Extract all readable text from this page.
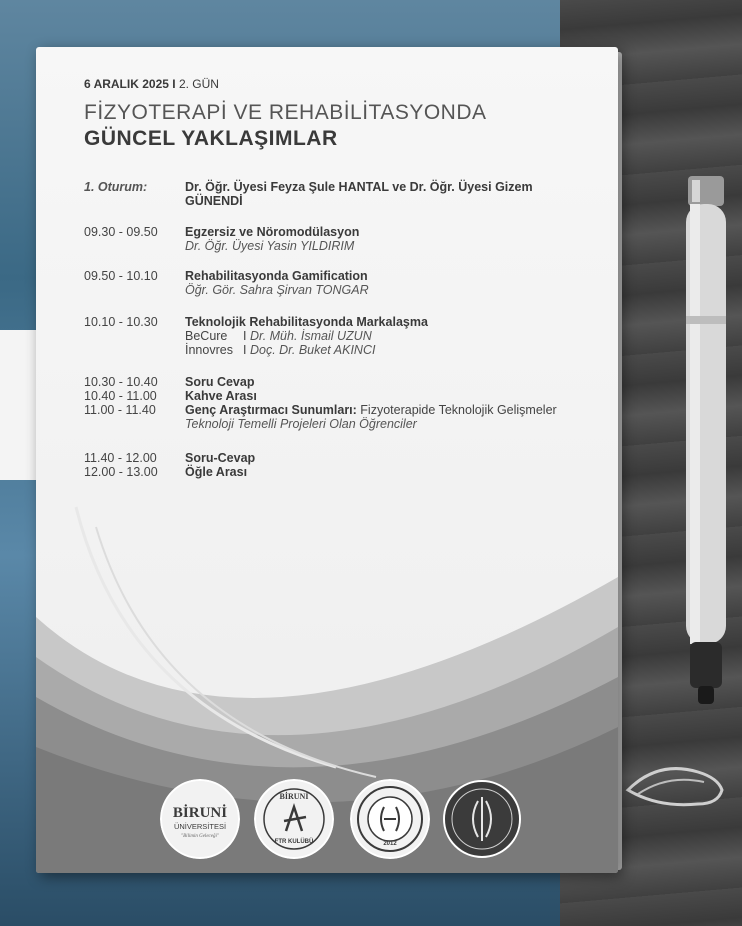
6 ARALIK 2025 I 2. GÜN
FİZYOTERAPİ VE REHABİLİTASYONDA
GÜNCEL YAKLAŞIMLAR
1. Oturum:	Dr. Öğr. Üyesi Feyza Şule HANTAL ve Dr. Öğr. Üyesi Gizem
GÜNENDİ
09.30 - 09.50	Egzersiz ve Nöromodülasyon
Dr. Öğr. Üyesi Yasin YILDIRIM
09.50 - 10.10	Rehabilitasyonda Gamification
Öğr. Gör. Sahra Şirvan TONGAR
10.10 - 10.30	Teknolojik Rehabilitasyonda Markalaşma
BeCure I Dr. Müh. İsmail UZUN
İnnovres I Doç. Dr. Buket AKINCI
10.30 - 10.40	Soru Cevap
10.40 - 11.00	Kahve Arası
11.00 - 11.40	Genç Araştırmacı Sunumları: Fizyoterapide Teknolojik Gelişmeler
Teknoloji Temelli Projeleri Olan Öğrenciler
11.40 - 12.00	Soru-Cevap
12.00 - 13.00	Öğle Arası
BİRUNİ
ÜNİVERSİTESİ
"Bilimin Geleceği"
BİRUNİ
FTR KULÜBÜ	2012
